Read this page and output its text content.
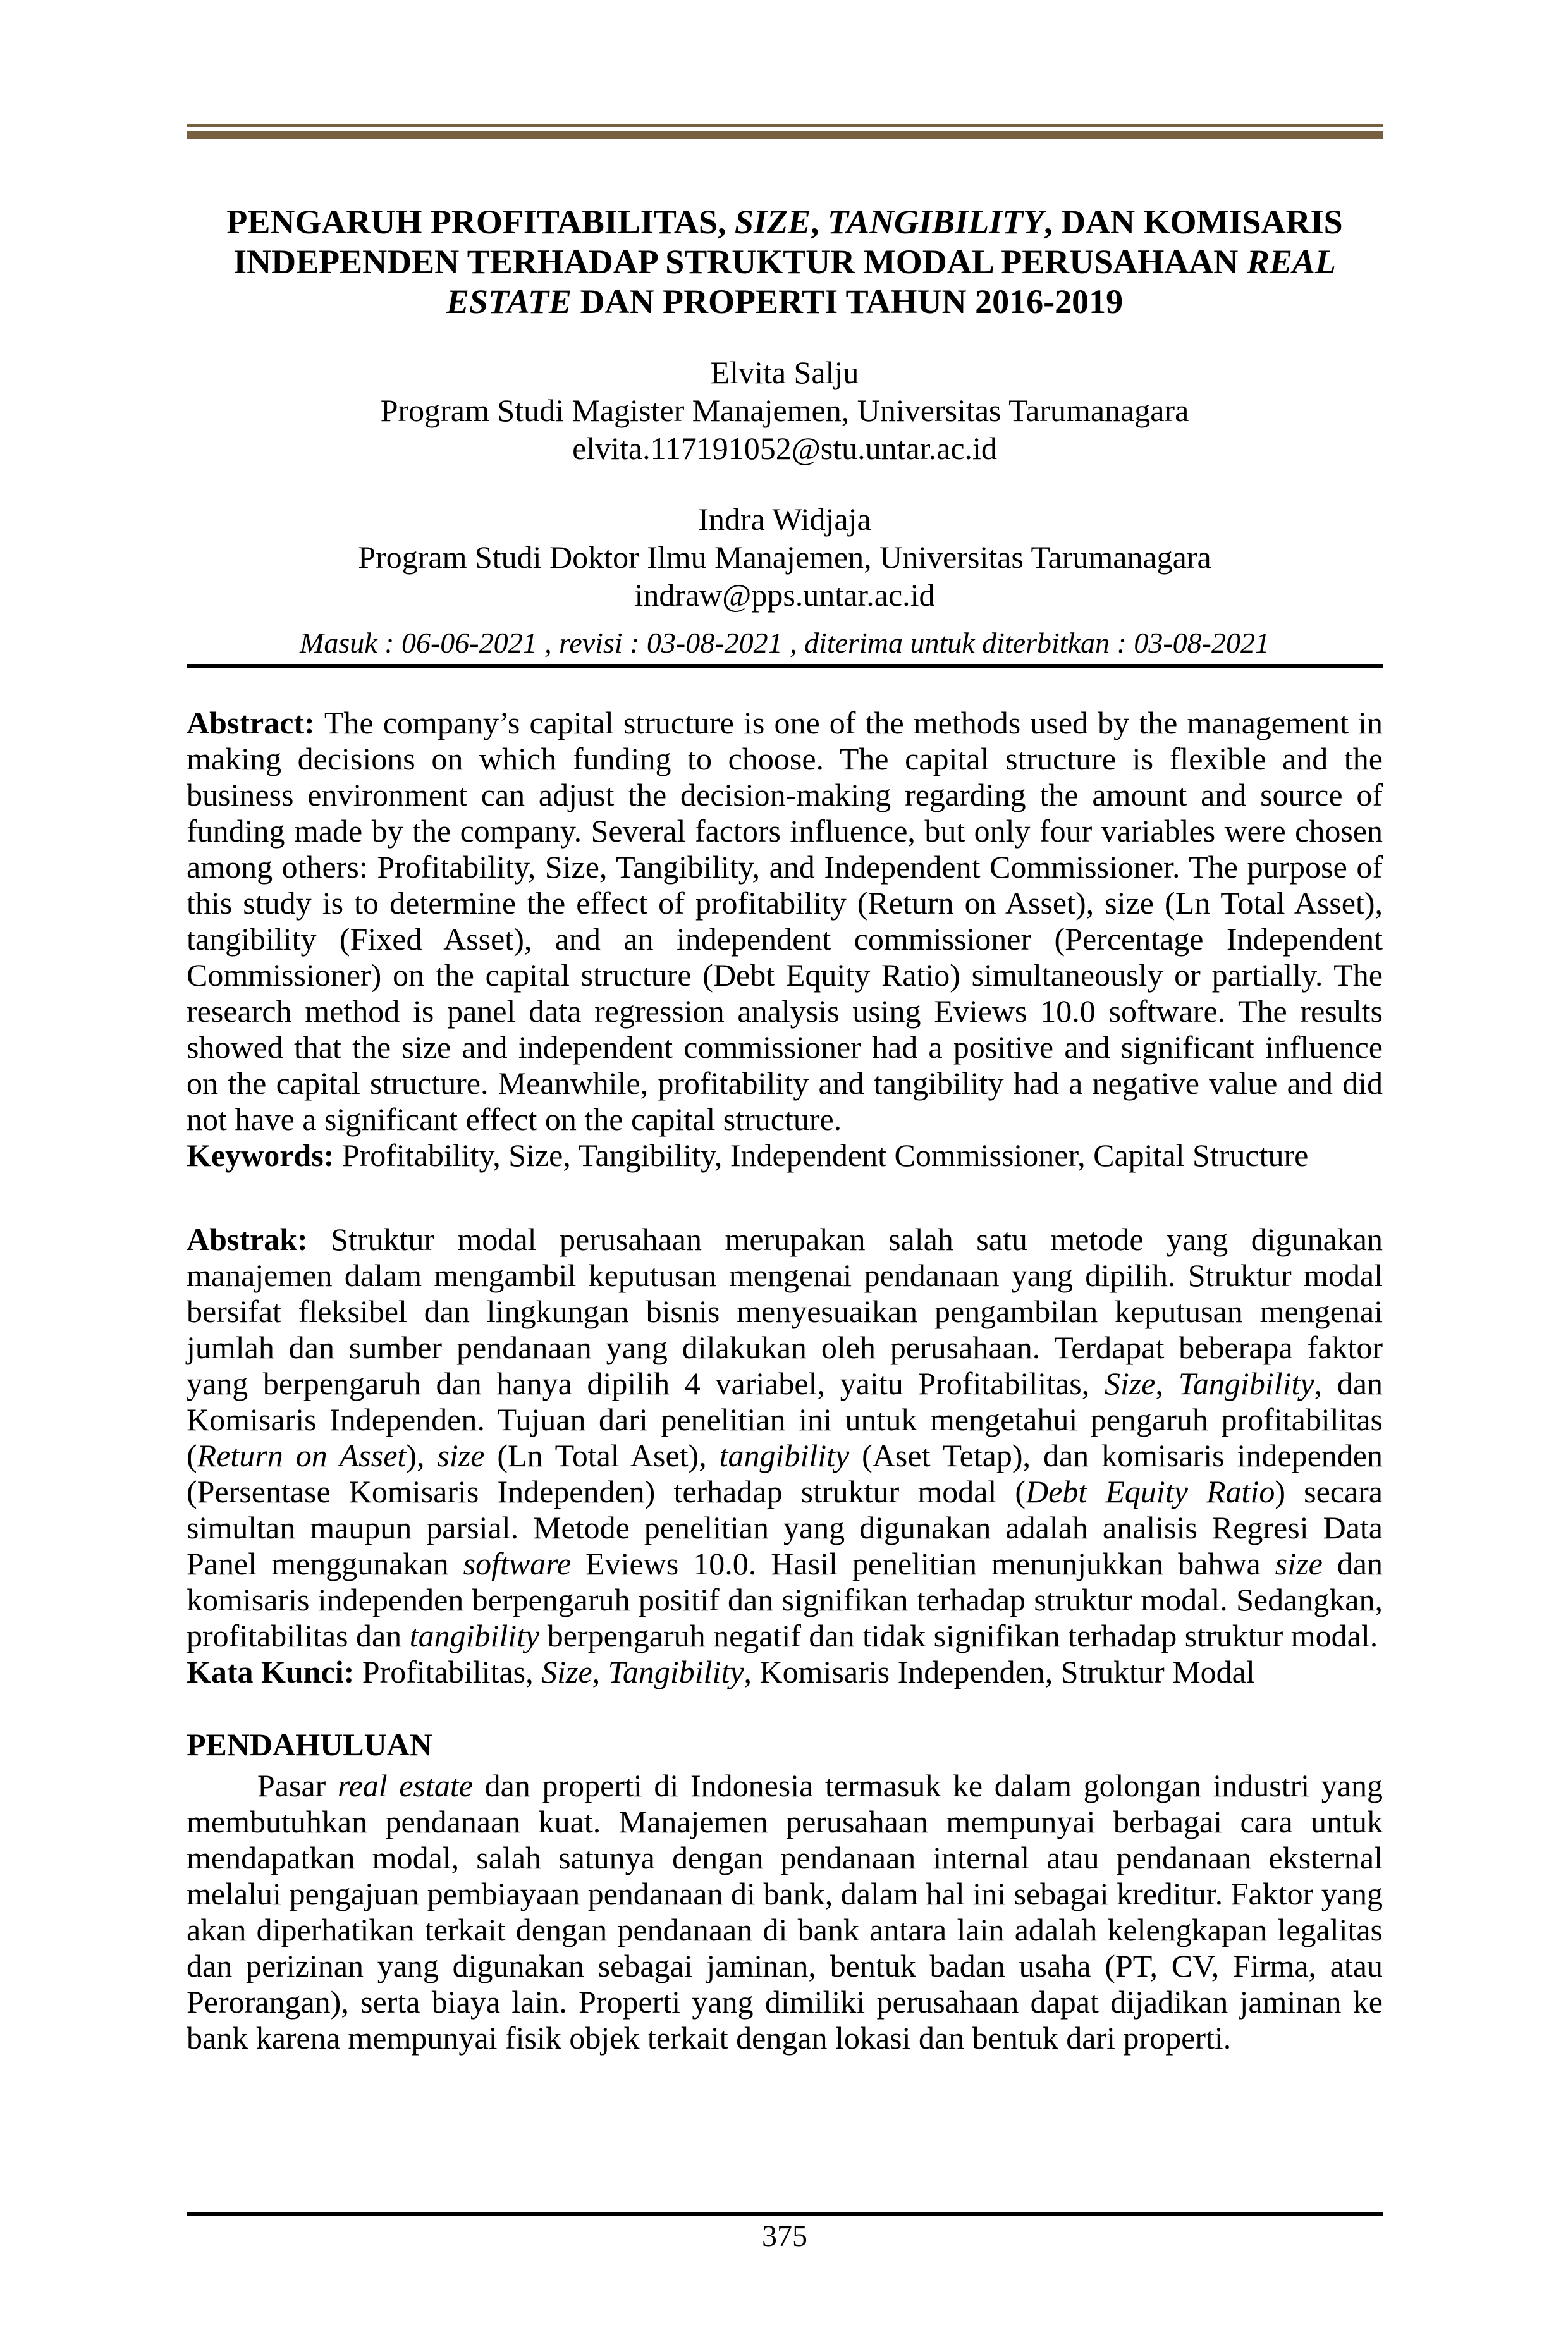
PENGARUH PROFITABILITAS, SIZE, TANGIBILITY, DAN KOMISARIS INDEPENDEN TERHADAP STRUKTUR MODAL PERUSAHAAN REAL ESTATE DAN PROPERTI TAHUN 2016-2019
Elvita Salju
Program Studi Magister Manajemen, Universitas Tarumanagara
elvita.117191052@stu.untar.ac.id
Indra Widjaja
Program Studi Doktor Ilmu Manajemen, Universitas Tarumanagara
indraw@pps.untar.ac.id
Masuk : 06-06-2021 , revisi : 03-08-2021 , diterima untuk diterbitkan : 03-08-2021

Abstract: The company’s capital structure is one of the methods used by the management in making decisions on which funding to choose. The capital structure is flexible and the business environment can adjust the decision-making regarding the amount and source of funding made by the company. Several factors influence, but only four variables were chosen among others: Profitability, Size, Tangibility, and Independent Commissioner. The purpose of this study is to determine the effect of profitability (Return on Asset), size (Ln Total Asset), tangibility (Fixed Asset), and an independent commissioner (Percentage Independent Commissioner) on the capital structure (Debt Equity Ratio) simultaneously or partially. The research method is panel data regression analysis using Eviews 10.0 software. The results showed that the size and independent commissioner had a positive and significant influence on the capital structure. Meanwhile, profitability and tangibility had a negative value and did not have a significant effect on the capital structure.

Keywords: Profitability, Size, Tangibility, Independent Commissioner, Capital Structure

Abstrak: Struktur modal perusahaan merupakan salah satu metode yang digunakan manajemen dalam mengambil keputusan mengenai pendanaan yang dipilih. Struktur modal bersifat fleksibel dan lingkungan bisnis menyesuaikan pengambilan keputusan mengenai jumlah dan sumber pendanaan yang dilakukan oleh perusahaan. Terdapat beberapa faktor yang berpengaruh dan hanya dipilih 4 variabel, yaitu Profitabilitas, Size, Tangibility, dan Komisaris Independen. Tujuan dari penelitian ini untuk mengetahui pengaruh profitabilitas (Return on Asset), size (Ln Total Aset), tangibility (Aset Tetap), dan komisaris independen (Persentase Komisaris Independen) terhadap struktur modal (Debt Equity Ratio) secara simultan maupun parsial. Metode penelitian yang digunakan adalah analisis Regresi Data Panel menggunakan software Eviews 10.0. Hasil penelitian menunjukkan bahwa size dan komisaris independen berpengaruh positif dan signifikan terhadap struktur modal. Sedangkan, profitabilitas dan tangibility berpengaruh negatif dan tidak signifikan terhadap struktur modal.

Kata Kunci: Profitabilitas, Size, Tangibility, Komisaris Independen, Struktur Modal

PENDAHULUAN

Pasar real estate dan properti di Indonesia termasuk ke dalam golongan industri yang membutuhkan pendanaan kuat. Manajemen perusahaan mempunyai berbagai cara untuk mendapatkan modal, salah satunya dengan pendanaan internal atau pendanaan eksternal melalui pengajuan pembiayaan pendanaan di bank, dalam hal ini sebagai kreditur. Faktor yang akan diperhatikan terkait dengan pendanaan di bank antara lain adalah kelengkapan legalitas dan perizinan yang digunakan sebagai jaminan, bentuk badan usaha (PT, CV, Firma, atau Perorangan), serta biaya lain. Properti yang dimiliki perusahaan dapat dijadikan jaminan ke bank karena mempunyai fisik objek terkait dengan lokasi dan bentuk dari properti.

375
